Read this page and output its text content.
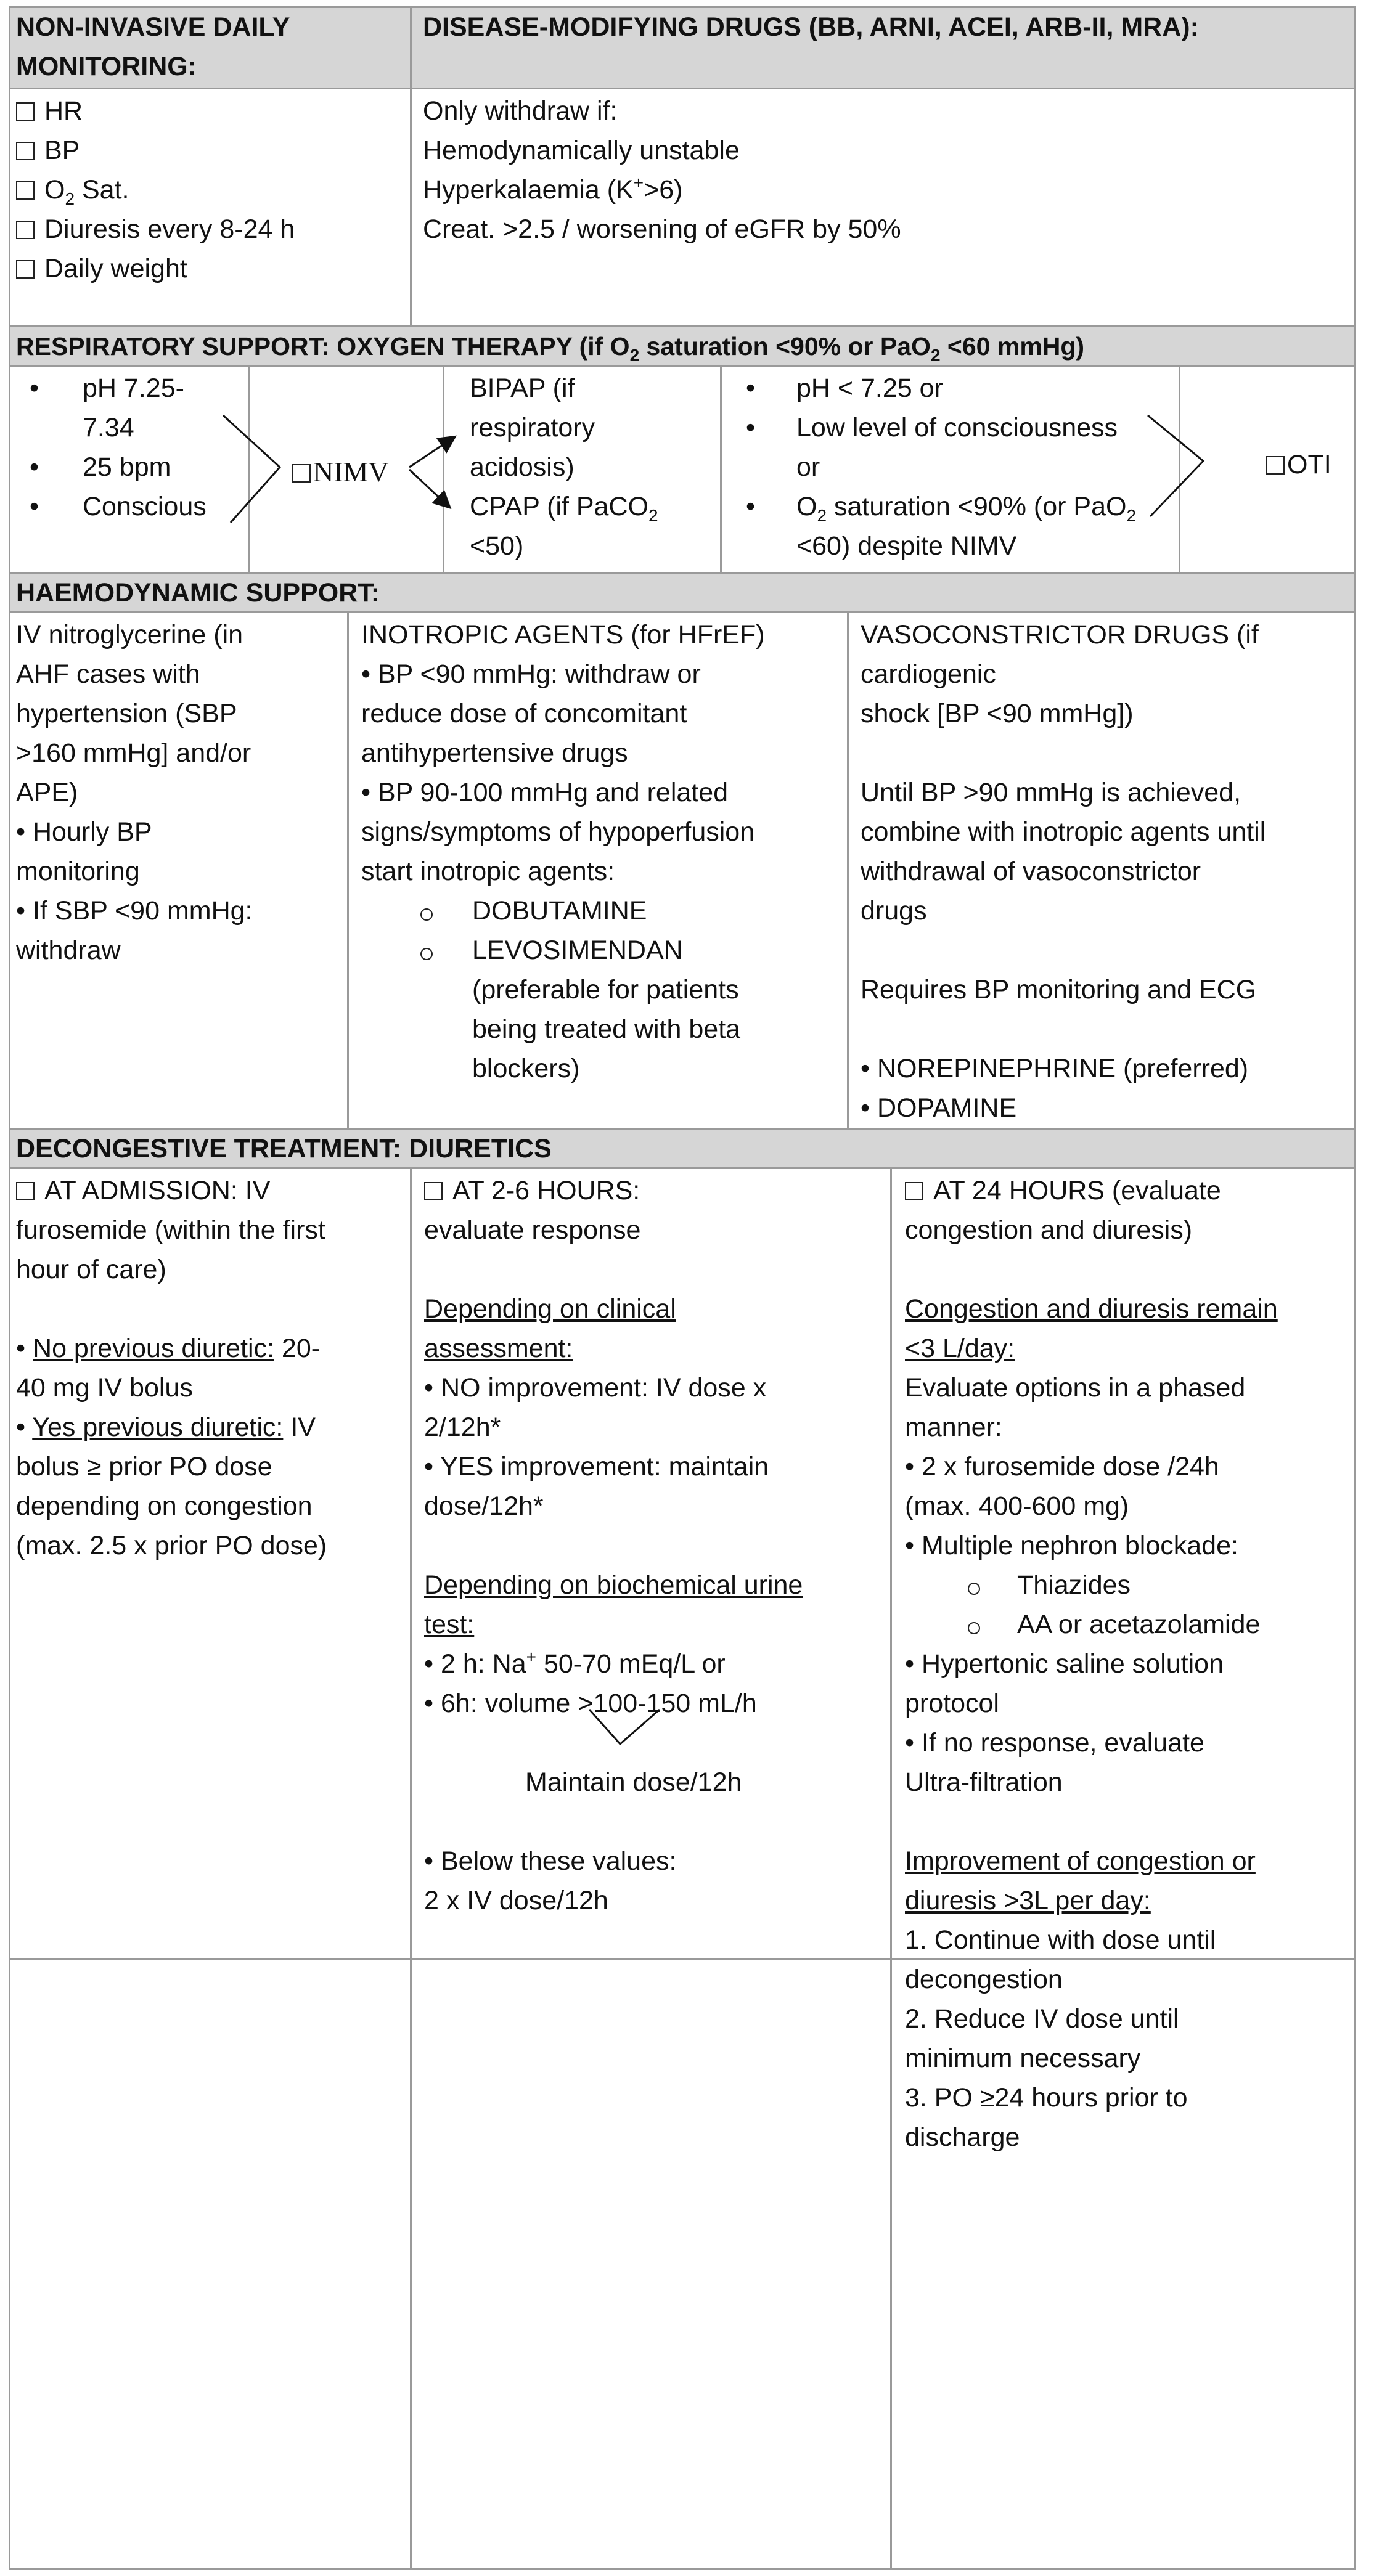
NON-INVASIVE DAILY
MONITORING:
DISEASE-MODIFYING DRUGS (BB, ARNI, ACEI, ARB-II, MRA):
HR
BP
$O_2$ Sat.
Diuresis every 8-24 h
Daily weight
Only withdraw if:
Hemodynamically unstable
Hyperkalaemia (K+>6)
Creat. >2.5 / worsening of eGFR by 50%
RESPIRATORY SUPPORT: OXYGEN THERAPY (if $O_2$ saturation <90% or PaO$_2$ <60 mmHg)
• pH 7.25-
7.34
• 25 bpm
• Conscious
NIMV
BIPAP (if
respiratory
acidosis)
CPAP (if PaCO$_2$
<50)
• pH < 7.25 or
• Low level of consciousness
or
• $O_2$ saturation <90% (or PaO$_2$
<60) despite NIMV
OTI
HAEMODYNAMIC SUPPORT:
IV nitroglycerine (in
AHF cases with
hypertension (SBP
>160 mmHg] and/or
APE)
• Hourly BP
monitoring
• If SBP <90 mmHg:
withdraw
INOTROPIC AGENTS (for HFrEF)
• BP <90 mmHg: withdraw or
reduce dose of concomitant
antihypertensive drugs
• BP 90-100 mmHg and related
signs/symptoms of hypoperfusion
start inotropic agents:
DOBUTAMINE
LEVOSIMENDAN
(preferable for patients
being treated with beta
blockers)
VASOCONSTRICTOR DRUGS (if
cardiogenic
shock [BP <90 mmHg])
Until BP >90 mmHg is achieved,
combine with inotropic agents until
withdrawal of vasoconstrictor
drugs
Requires BP monitoring and ECG
• NOREPINEPHRINE (preferred)
• DOPAMINE
DECONGESTIVE TREATMENT: DIURETICS
AT ADMISSION: IV
furosemide (within the first
hour of care)
• No previous diuretic: 20-
40 mg IV bolus
• Yes previous diuretic: IV
bolus ≥ prior PO dose
depending on congestion
(max. 2.5 x prior PO dose)
AT 2-6 HOURS:
evaluate response
Depending on clinical
assessment:
• NO improvement: IV dose x
2/12h*
• YES improvement: maintain
dose/12h*
Depending on biochemical urine
test:
• 2 h: Na+ 50-70 mEq/L or
• 6h: volume >100-150 mL/h
Maintain dose/12h
• Below these values:
2 x IV dose/12h
AT 24 HOURS (evaluate
congestion and diuresis)
Congestion and diuresis remain
<3 L/day:
Evaluate options in a phased
manner:
• 2 x furosemide dose /24h
(max. 400-600 mg)
• Multiple nephron blockade:
Thiazides
AA or acetazolamide
• Hypertonic saline solution
protocol
• If no response, evaluate
Ultra-filtration
Improvement of congestion or
diuresis >3L per day:
1. Continue with dose until
decongestion
2. Reduce IV dose until
minimum necessary
3. PO ≥24 hours prior to
discharge
